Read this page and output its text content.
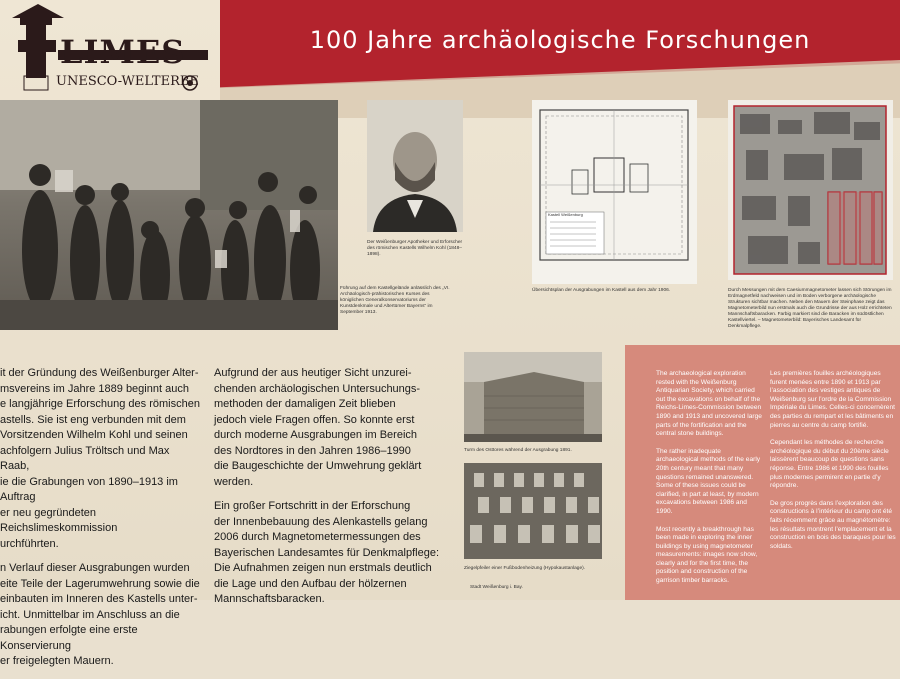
100 Jahre archäologische Forschungen
LIMES
UNESCO-WELTERBE
Der Weißenburger Apotheker und Erforscher des römischen Kastells Wilhelm Kohl (1848–1898).
Führung auf dem Kastellgelände anlässlich des „VI. Archäologisch-prähistorischen Kurses des königlichen Generalkonservatoriums der Kunstdenkmale und Altertümer Bayerns“ im September 1913.
Kastell Weißenburg
Übersichtsplan der Ausgrabungen im Kastell aus dem Jahr 1906.	Durch Messungen mit dem Caesiummagnetometer lassen sich Störungen im Erdmagnetfeld nachweisen und im Boden verborgene archäologische Strukturen sichtbar machen. Neben den Mauern der Steinphase zeigt das Magnetometerbild nun erstmals auch die Grundrisse der aus Holz errichteten Mannschaftsbaracken. Farbig markiert sind die Baracken im südöstlichen Kastellviertel. – Magnetometerbild: Bayerisches Landesamt für Denkmalpflege.
it der Gründung des Weißenburger Alter-
msvereins im Jahre 1889 beginnt auch
e langjährige Erforschung des römischen
astells. Sie ist eng verbunden mit dem
Vorsitzenden Wilhelm Kohl und seinen
achfolgern Julius Tröltsch und Max Raab,
ie die Grabungen von 1890–1913 im Auftrag
er neu gegründeten Reichslimeskommission
urchführten.
n Verlauf dieser Ausgrabungen wurden
eite Teile der Lagerumwehrung sowie die
einbauten im Inneren des Kastells unter-
icht. Unmittelbar im Anschluss an die
rabungen erfolgte eine erste Konservierung
er freigelegten Mauern.
Aufgrund der aus heutiger Sicht unzurei-
chenden archäologischen Untersuchungs-
methoden der damaligen Zeit blieben
jedoch viele Fragen offen. So konnte erst
durch moderne Ausgrabungen im Bereich
des Nordtores in den Jahren 1986–1990
die Baugeschichte der Umwehrung geklärt
werden.
Ein großer Fortschritt in der Erforschung
der Innenbebauung des Alenkastells gelang
2006 durch Magnetometermessungen des
Bayerischen Landesamtes für Denkmalpflege:
Die Aufnahmen zeigen nun erstmals deutlich
die Lage und den Aufbau der hölzernen
Mannschaftsbaracken.
Turm des Osttores während der Ausgrabung 1891.
Ziegelpfeiler einer Fußbodenheizung (Hypokaustanlage).
Stadt Weißenburg i. Bay.
The archaeological exploration rested with the Weißenburg Antiquarian Society, which carried out the excavations on behalf of the Reichs-Limes-Commission between 1890 and 1913 and uncovered large parts of the fortification and the central stone buildings.
The rather inadequate archaeological methods of the early 20th century meant that many questions remained unanswered. Some of these issues could be clarified, in part at least, by modern excavations between 1986 and 1990.
Most recently a breakthrough has been made in exploring the inner buildings by using magnetometer measurements: images now show, clearly and for the first time, the position and construction of the garrison timber barracks.
Les premières fouilles archéologiques furent menées entre 1890 et 1913 par l’association des vestiges antiques de Weißenburg sur l’ordre de la Commission Impériale du Limes. Celles-ci concernèrent des parties du rempart et les bâtiments en pierres au centre du camp fortifié.
Cependant les méthodes de recherche archéologique du début du 20ème siècle laissèrent beaucoup de questions sans réponse. Entre 1986 et 1990 des fouilles plus modernes permirent en partie d’y répondre.
De gros progrès dans l’exploration des constructions à l’intérieur du camp ont été faits récemment grâce au magnétomètre: les résultats montrent l’emplacement et la construction en bois des baraques pour les soldats.
